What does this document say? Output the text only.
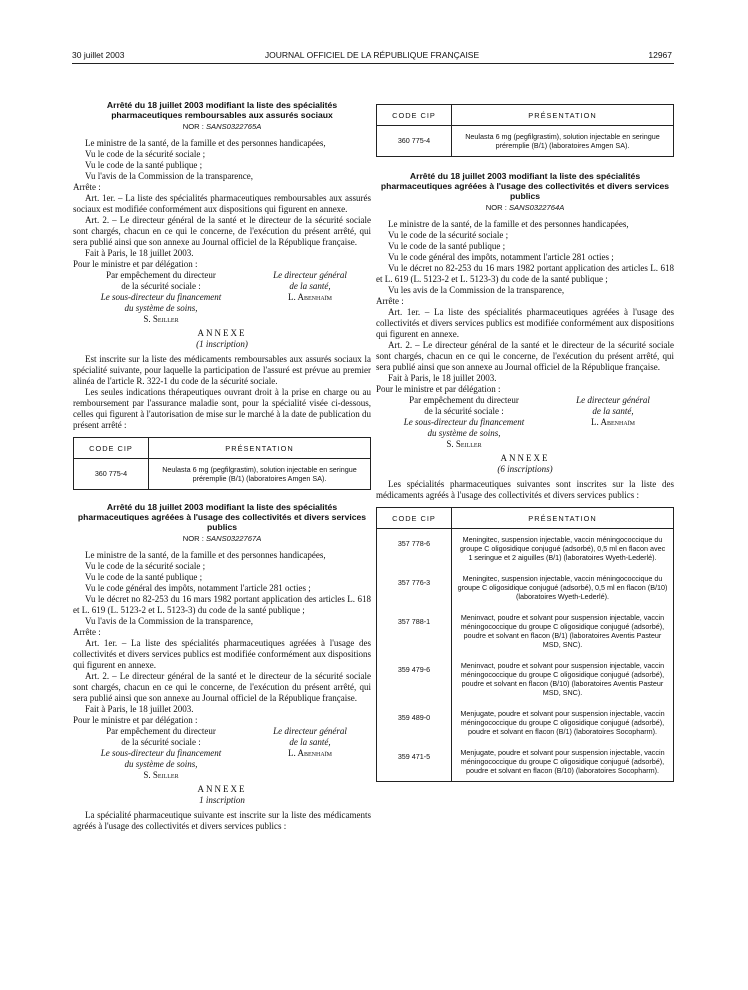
30 juillet 2003	JOURNAL OFFICIEL DE LA RÉPUBLIQUE FRANÇAISE	12967
Arrêté du 18 juillet 2003 modifiant la liste des spécialités pharmaceutiques remboursables aux assurés sociaux
NOR : SANS0322765A

Le ministre de la santé, de la famille et des personnes handicapées,

Vu le code de la sécurité sociale ;

Vu le code de la santé publique ;

Vu l'avis de la Commission de la transparence,

Arrête :

Art. 1er. – La liste des spécialités pharmaceutiques remboursables aux assurés sociaux est modifiée conformément aux dispositions qui figurent en annexe.

Art. 2. – Le directeur général de la santé et le directeur de la sécurité sociale sont chargés, chacun en ce qui le concerne, de l'exécution du présent arrêté, qui sera publié ainsi que son annexe au Journal officiel de la République française.

Fait à Paris, le 18 juillet 2003.

Pour le ministre et par délégation :

Par empêchement du directeur
de la sécurité sociale :
Le sous-directeur du financement
du système de soins,
S. Seiller
Le directeur général
de la santé,
L. Abenhaïm
ANNEXE
(1 inscription)

Est inscrite sur la liste des médicaments remboursables aux assurés sociaux la spécialité suivante, pour laquelle la participation de l'assuré est prévue au premier alinéa de l'article R. 322-1 du code de la sécurité sociale.

Les seules indications thérapeutiques ouvrant droit à la prise en charge ou au remboursement par l'assurance maladie sont, pour la spécialité visée ci-dessous, celles qui figurent à l'autorisation de mise sur le marché à la date de publication du présent arrêté :

CODE CIP	PRÉSENTATION
360 775-4	Neulasta 6 mg (pegfilgrastim), solution injectable en seringue préremplie (B/1) (laboratoires Amgen SA).
Arrêté du 18 juillet 2003 modifiant la liste des spécialités pharmaceutiques agréées à l'usage des collectivités et divers services publics
NOR : SANS0322767A

Le ministre de la santé, de la famille et des personnes handicapées,

Vu le code de la sécurité sociale ;

Vu le code de la santé publique ;

Vu le code général des impôts, notamment l'article 281 octies ;

Vu le décret no 82-253 du 16 mars 1982 portant application des articles L. 618 et L. 619 (L. 5123-2 et L. 5123-3) du code de la santé publique ;

Vu l'avis de la Commission de la transparence,

Arrête :

Art. 1er. – La liste des spécialités pharmaceutiques agréées à l'usage des collectivités et divers services publics est modifiée conformément aux dispositions qui figurent en annexe.

Art. 2. – Le directeur général de la santé et le directeur de la sécurité sociale sont chargés, chacun en ce qui le concerne, de l'exécution du présent arrêté, qui sera publié ainsi que son annexe au Journal officiel de la République française.

Fait à Paris, le 18 juillet 2003.

Pour le ministre et par délégation :

Par empêchement du directeur
de la sécurité sociale :
Le sous-directeur du financement
du système de soins,
S. Seiller
Le directeur général
de la santé,
L. Abenhaïm
ANNEXE
1 inscription

La spécialité pharmaceutique suivante est inscrite sur la liste des médicaments agréés à l'usage des collectivités et divers services publics :

CODE CIP	PRÉSENTATION
360 775-4	Neulasta 6 mg (pegfilgrastim), solution injectable en seringue préremplie (B/1) (laboratoires Amgen SA).
Arrêté du 18 juillet 2003 modifiant la liste des spécialités pharmaceutiques agréées à l'usage des collectivités et divers services publics
NOR : SANS0322764A

Le ministre de la santé, de la famille et des personnes handicapées,

Vu le code de la sécurité sociale ;

Vu le code de la santé publique ;

Vu le code général des impôts, notamment l'article 281 octies ;

Vu le décret no 82-253 du 16 mars 1982 portant application des articles L. 618 et L. 619 (L. 5123-2 et L. 5123-3) du code de la santé publique ;

Vu les avis de la Commission de la transparence,

Arrête :

Art. 1er. – La liste des spécialités pharmaceutiques agréées à l'usage des collectivités et divers services publics est modifiée conformément aux dispositions qui figurent en annexe.

Art. 2. – Le directeur général de la santé et le directeur de la sécurité sociale sont chargés, chacun en ce qui le concerne, de l'exécution du présent arrêté, qui sera publié ainsi que son annexe au Journal officiel de la République française.

Fait à Paris, le 18 juillet 2003.

Pour le ministre et par délégation :

Par empêchement du directeur
de la sécurité sociale :
Le sous-directeur du financement
du système de soins,
S. Seiller
Le directeur général
de la santé,
L. Abenhaïm
ANNEXE
(6 inscriptions)

Les spécialités pharmaceutiques suivantes sont inscrites sur la liste des médicaments agréés à l'usage des collectivités et divers services publics :

CODE CIP	PRÉSENTATION
357 778-6	Meningitec, suspension injectable, vaccin méningococcique du groupe C oligosidique conjugué (adsorbé), 0,5 ml en flacon avec 1 seringue et 2 aiguilles (B/1) (laboratoires Wyeth-Lederlé).
357 776-3	Meningitec, suspension injectable, vaccin méningococcique du groupe C oligosidique conjugué (adsorbé), 0,5 ml en flacon (B/10) (laboratoires Wyeth-Lederlé).
357 788-1	Meninvact, poudre et solvant pour suspension injectable, vaccin méningococcique du groupe C oligosidique conjugué (adsorbé), poudre et solvant en flacon (B/1) (laboratoires Aventis Pasteur MSD, SNC).
359 479-6	Meninvact, poudre et solvant pour suspension injectable, vaccin méningococcique du groupe C oligosidique conjugué (adsorbé), poudre et solvant en flacon (B/10) (laboratoires Aventis Pasteur MSD, SNC).
359 489-0	Menjugate, poudre et solvant pour suspension injectable, vaccin méningococcique du groupe C oligosidique conjugué (adsorbé), poudre et solvant en flacon (B/1) (laboratoires Socopharm).
359 471-5	Menjugate, poudre et solvant pour suspension injectable, vaccin méningococcique du groupe C oligosidique conjugué (adsorbé), poudre et solvant en flacon (B/10) (laboratoires Socopharm).
